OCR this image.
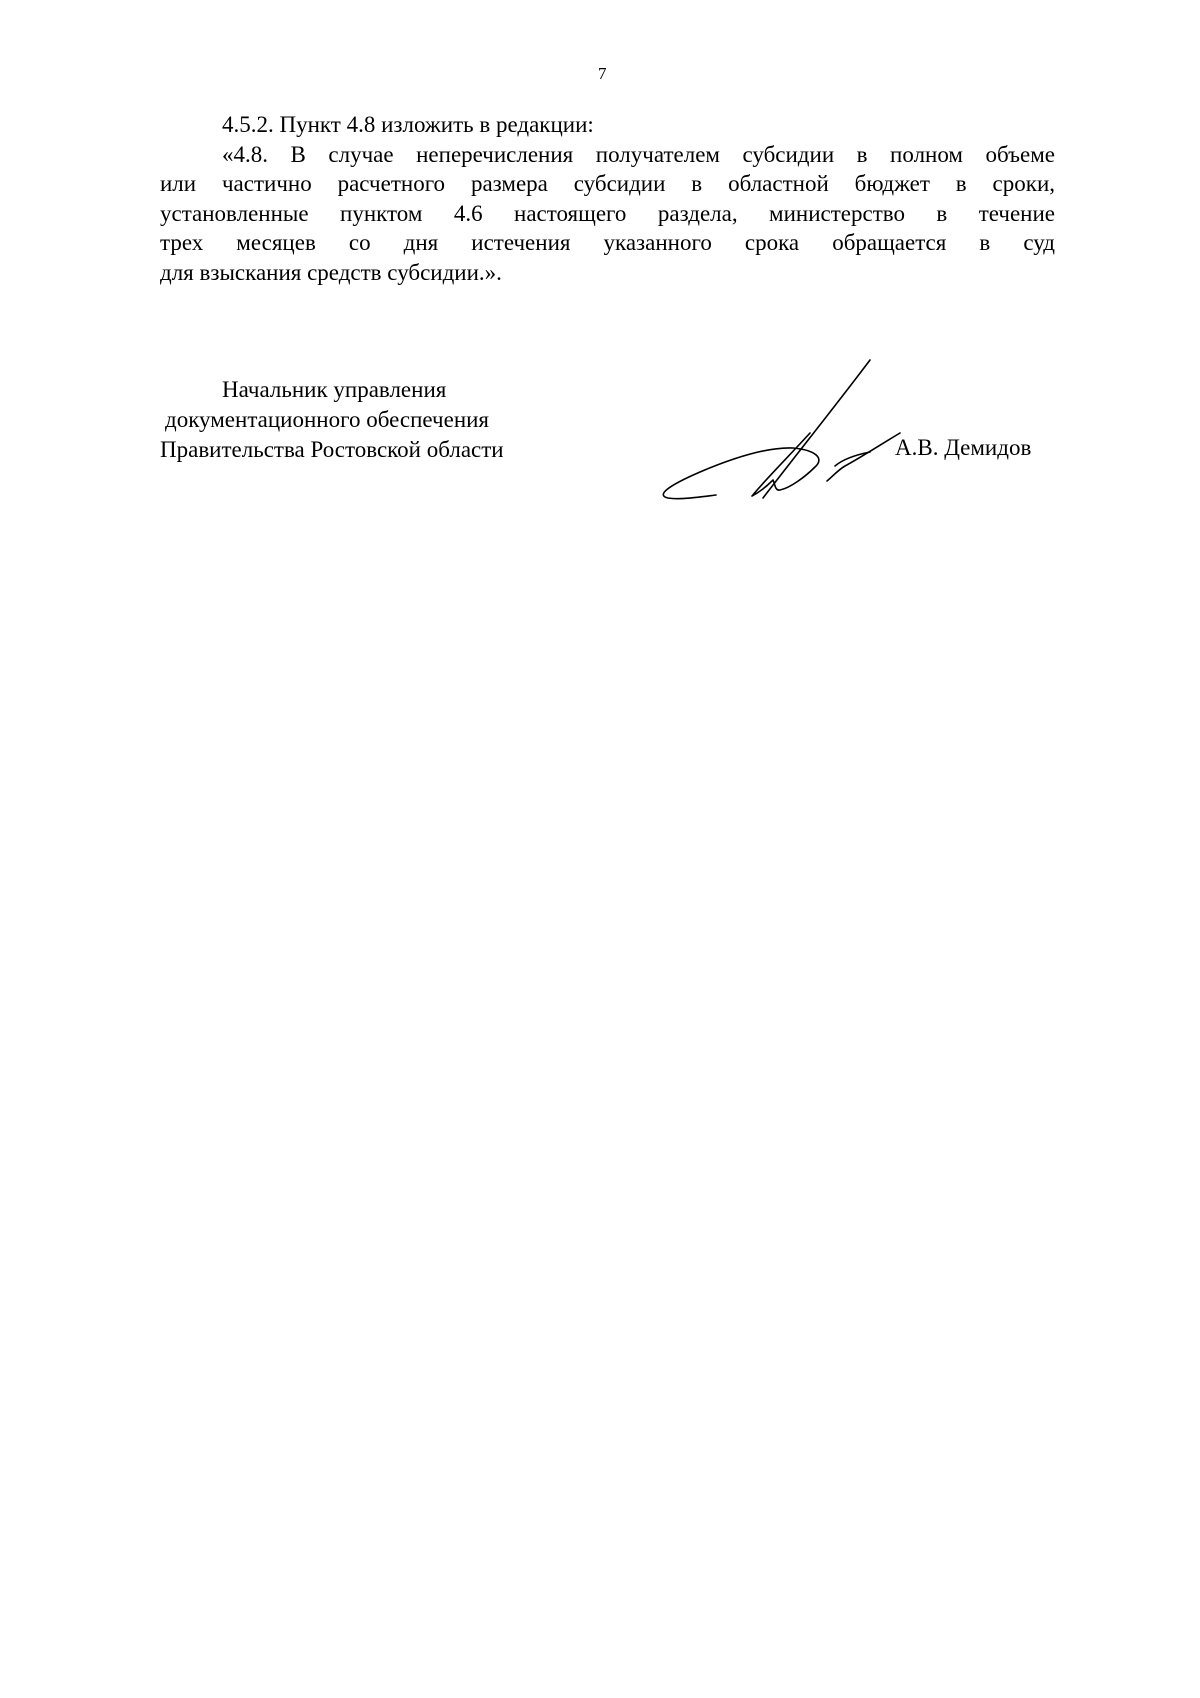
7
4.5.2. Пункт 4.8 изложить в редакции:
«4.8. В случае неперечисления получателем субсидии в полном объеме
или частично расчетного размера субсидии в областной бюджет в сроки,
установленные пунктом 4.6 настоящего раздела, министерство в течение
трех месяцев со дня истечения указанного срока обращается в суд
для взыскания средств субсидии.».
Начальник управления
документационного обеспечения
Правительства Ростовской области	А.В. Демидов
